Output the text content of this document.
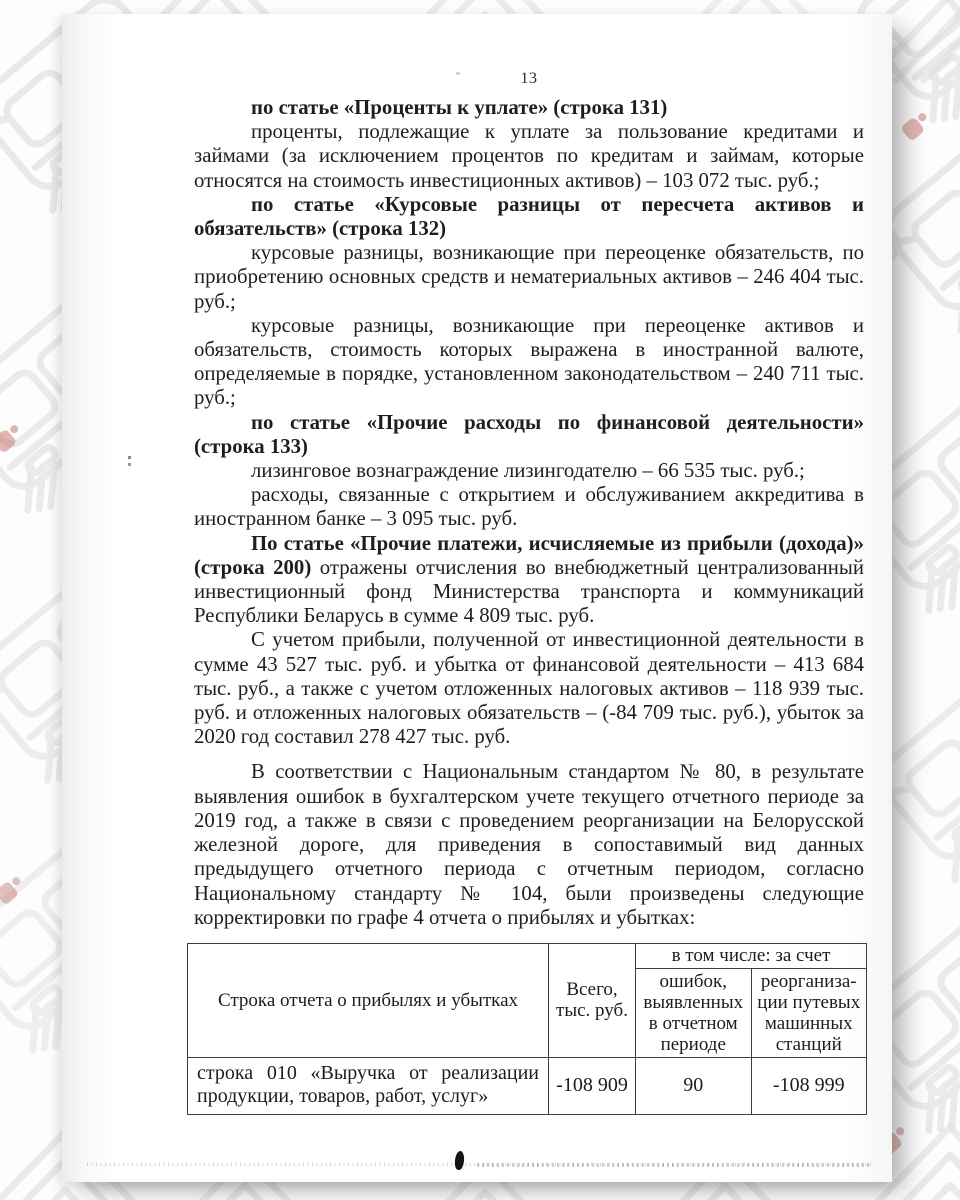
13

по статье «Проценты к уплате» (строка 131)

проценты, подлежащие к уплате за пользование кредитами и займами (за исключением процентов по кредитам и займам, которые относятся на стоимость инвестиционных активов) – 103 072 тыс. руб.;

по статье «Курсовые разницы от пересчета активов и обязательств» (строка 132)

курсовые разницы, возникающие при переоценке обязательств, по приобретению основных средств и нематериальных активов – 246 404 тыс. руб.;

курсовые разницы, возникающие при переоценке активов и обязательств, стоимость которых выражена в иностранной валюте, определяемые в порядке, установленном законодательством – 240 711 тыс. руб.;

по статье «Прочие расходы по финансовой деятельности» (строка 133)

лизинговое вознаграждение лизингодателю – 66 535 тыс. руб.;

расходы, связанные с открытием и обслуживанием аккредитива в иностранном банке – 3 095 тыс. руб.

По статье «Прочие платежи, исчисляемые из прибыли (дохода)» (строка 200) отражены отчисления во внебюджетный централизованный инвестиционный фонд Министерства транспорта и коммуникаций Республики Беларусь в сумме 4 809 тыс. руб.

С учетом прибыли, полученной от инвестиционной деятельности в сумме 43 527 тыс. руб. и убытка от финансовой деятельности – 413 684 тыс. руб., а также с учетом отложенных налоговых активов – 118 939 тыс. руб. и отложенных налоговых обязательств – (-84 709 тыс. руб.), убыток за 2020 год составил 278 427 тыс. руб.

В соответствии с Национальным стандартом № 80, в результате выявления ошибок в бухгалтерском учете текущего отчетного периоде за 2019 год, а также в связи с проведением реорганизации на Белорусской железной дороге, для приведения в сопоставимый вид данных предыдущего отчетного периода с отчетным периодом, согласно Национальному стандарту № 104, были произведены следующие корректировки по графе 4 отчета о прибылях и убытках:

Строка отчета о прибылях и убытках	Всего, тыс. руб.	в том числе: за счет	
		ошибок, выявленных в отчетном периоде	реорганиза-ции путевых машинных станций
строка 010 «Выручка от реализации продукции, товаров, работ, услуг»	-108 909	90	-108 999
